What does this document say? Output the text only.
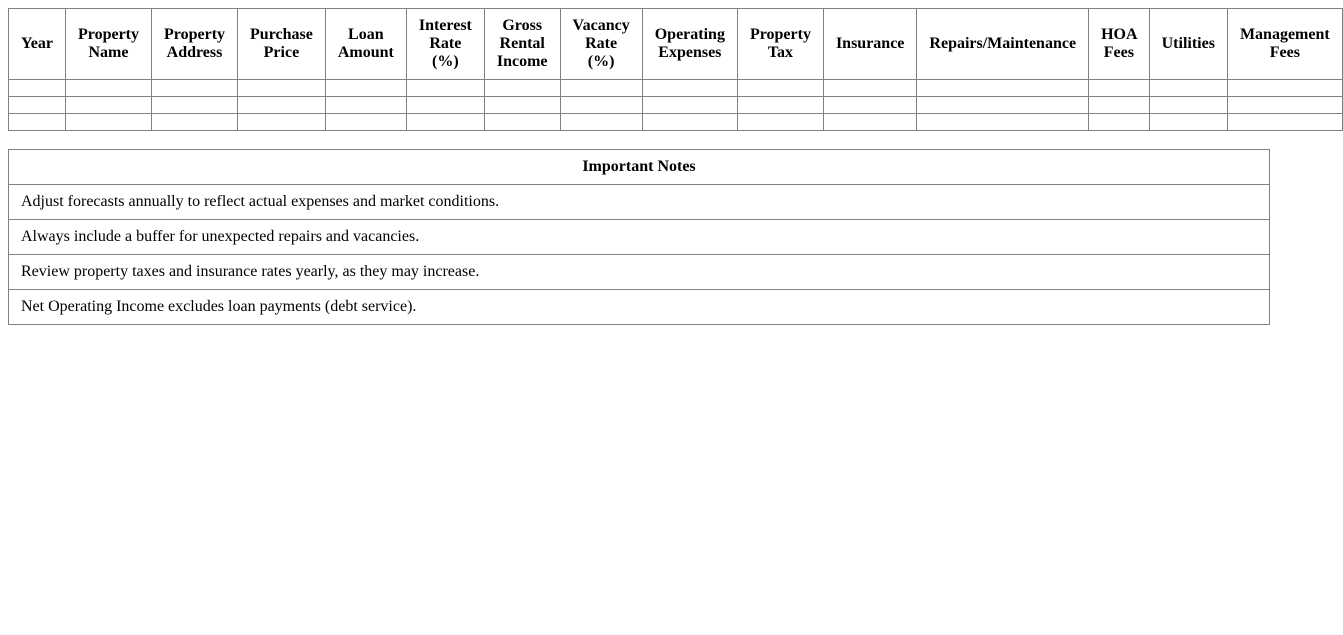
Year	Property Name	Property Address	Purchase Price	Loan Amount	Interest Rate (%)	Gross Rental Income	Vacancy Rate (%)	Operating Expenses	Property Tax	Insurance	Repairs/Maintenance	HOA Fees	Utilities	Management Fees

Important Notes
Adjust forecasts annually to reflect actual expenses and market conditions.
Always include a buffer for unexpected repairs and vacancies.
Review property taxes and insurance rates yearly, as they may increase.
Net Operating Income excludes loan payments (debt service).
